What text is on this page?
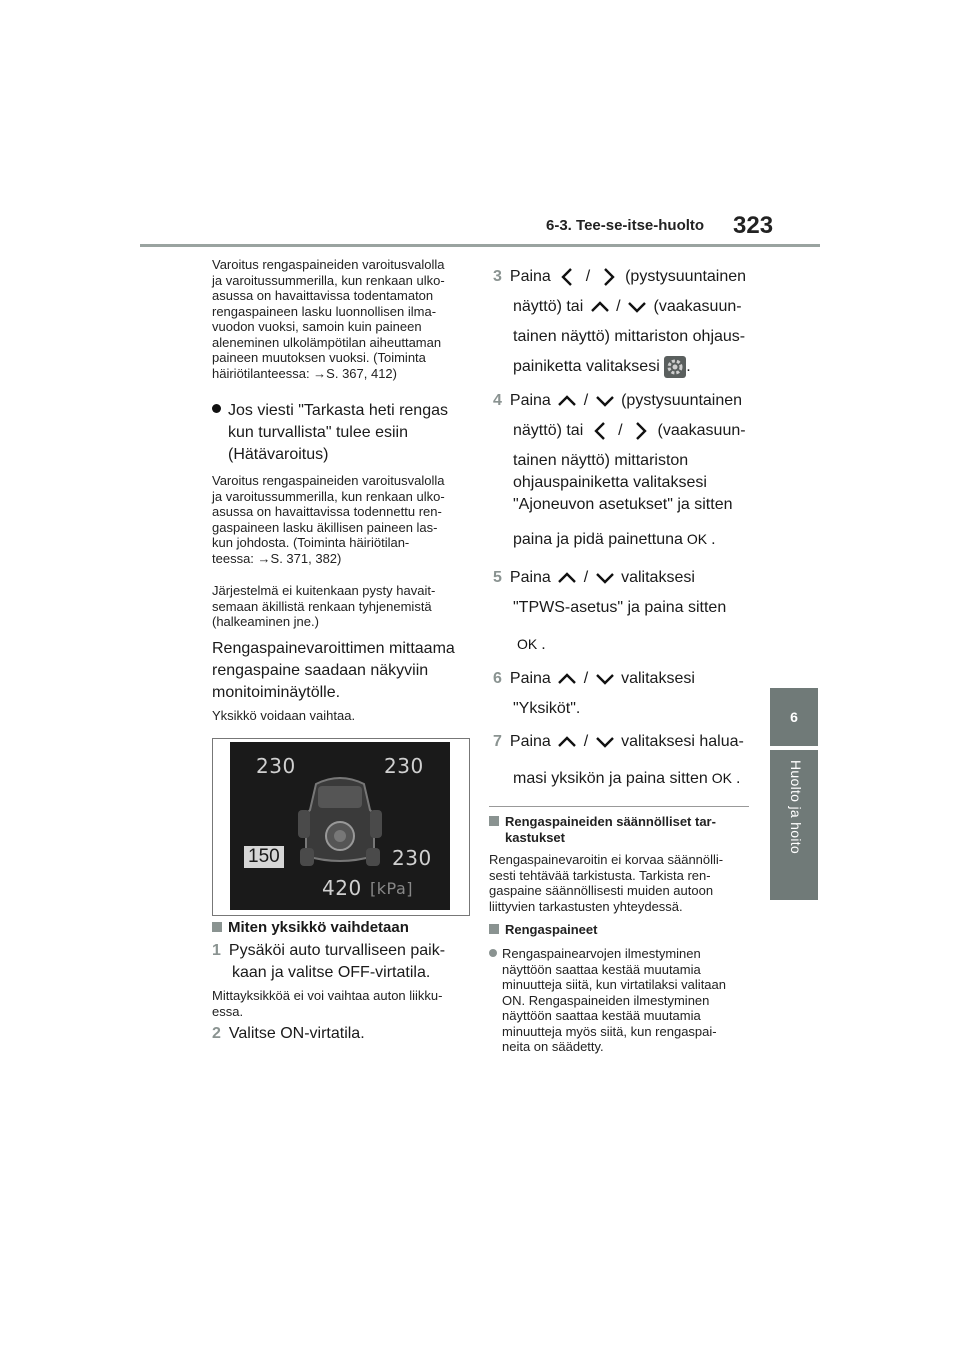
6-3. Tee-se-itse-huolto 323
6
Huolto ja hoito
Varoitus rengaspaineiden varoitusvalolla
ja varoitussummerilla, kun renkaan ulko-
asussa on havaittavissa todentamaton
rengaspaineen lasku luonnollisen ilma-
vuodon vuoksi, samoin kuin paineen
aleneminen ulkolämpötilan aiheuttaman
paineen muutoksen vuoksi. (Toiminta
häiriötilanteessa: →S. 367, 412)
Jos viesti "Tarkasta heti rengas
kun turvallista" tulee esiin
(Hätävaroitus)
Varoitus rengaspaineiden varoitusvalolla
ja varoitussummerilla, kun renkaan ulko-
asussa on havaittavissa todennettu ren-
gaspaineen lasku äkillisen paineen las-
kun johdosta. (Toiminta häiriötilan-
teessa: →S. 371, 382)
Järjestelmä ei kuitenkaan pysty havait-
semaan äkillistä renkaan tyhjenemistä
(halkeaminen jne.)
Rengaspainevaroittimen mittaama
rengaspaine saadaan näkyviin
monitoiminäytölle.
Yksikkö voidaan vaihtaa.
230	230
150	230
420 [kPa]
Miten yksikkö vaihdetaan
1 Pysäköi auto turvalliseen paik-
kaan ja valitse OFF-virtatila.
Mittayksikköä ei voi vaihtaa auton liikku-
essa.
2 Valitse ON-virtatila.
3 Paina / (pystysuuntainen
näyttö) tai / (vaakasuun-
tainen näyttö) mittariston ohjaus-
painiketta valitaksesi .
4 Paina / (pystysuuntainen
näyttö) tai / (vaakasuun-
tainen näyttö) mittariston
ohjauspainiketta valitaksesi
"Ajoneuvon asetukset" ja sitten
paina ja pidä painettuna OK .
5 Paina / valitaksesi
"TPWS-asetus" ja paina sitten
OK .
6 Paina / valitaksesi
"Yksiköt".
7 Paina / valitaksesi halua-
masi yksikön ja paina sitten OK .
Rengaspaineiden säännölliset tar-
kastukset
Rengaspainevaroitin ei korvaa säännölli-
sesti tehtävää tarkistusta. Tarkista ren-
gaspaine säännöllisesti muiden autoon
liittyvien tarkastusten yhteydessä.
Rengaspaineet
Rengaspainearvojen ilmestyminen
näyttöön saattaa kestää muutamia
minuutteja siitä, kun virtatilaksi valitaan
ON. Rengaspaineiden ilmestyminen
näyttöön saattaa kestää muutamia
minuutteja myös siitä, kun rengaspai-
neita on säädetty.
